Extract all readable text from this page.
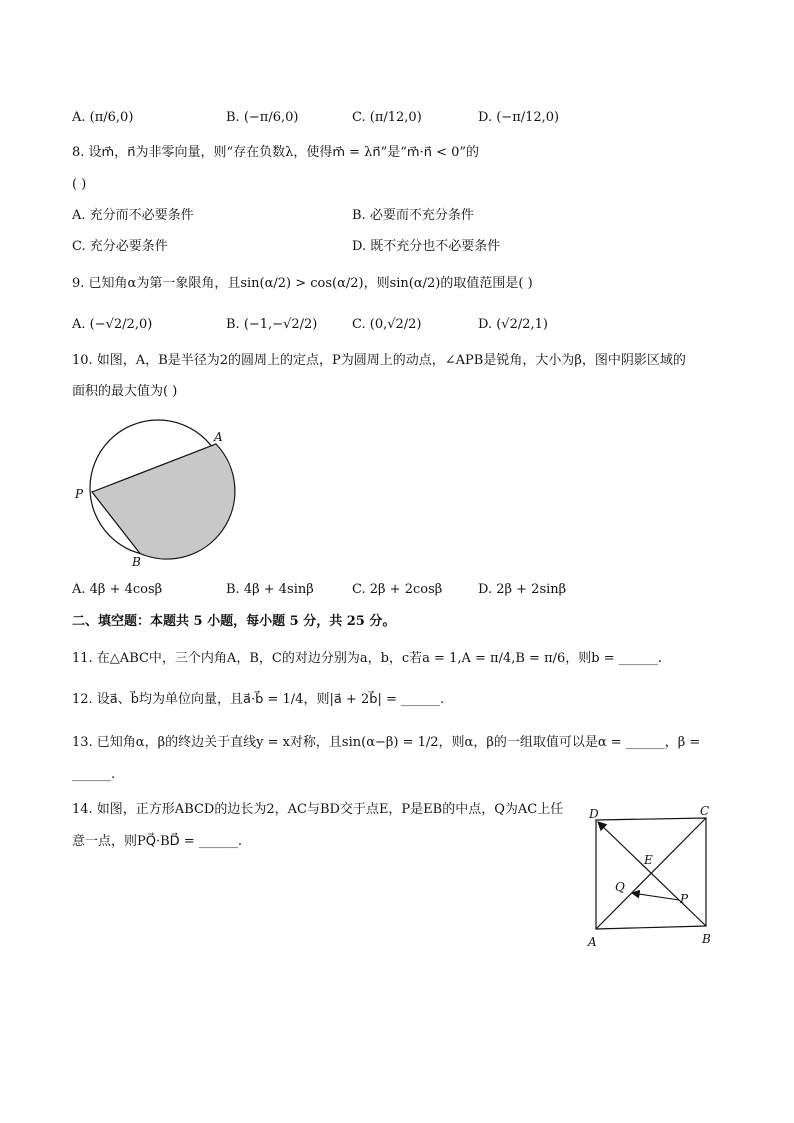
A. (π/6,0)	B. (−π/6,0)	C. (π/12,0)	D. (−π/12,0)
8. 设m⃗，n⃗为非零向量，则“存在负数λ，使得m⃗ = λn⃗”是“m⃗·n⃗ < 0”的
( )
A. 充分而不必要条件	B. 必要而不充分条件
C. 充分必要条件	D. 既不充分也不必要条件
9. 已知角α为第一象限角，且sin(α/2) > cos(α/2)，则sin(α/2)的取值范围是( )
A. (−√2/2,0)	B. (−1,−√2/2)	C. (0,√2/2)	D. (√2/2,1)
10. 如图，A，B是半径为2的圆周上的定点，P为圆周上的动点，∠APB是锐角，大小为β，图中阴影区域的
面积的最大值为( )
A
P
B
A. 4β + 4cosβ	B. 4β + 4sinβ	C. 2β + 2cosβ	D. 2β + 2sinβ
二、填空题：本题共 5 小题，每小题 5 分，共 25 分。
11. 在△ABC中，三个内角A，B，C的对边分别为a，b，c若a = 1,A = π/4,B = π/6，则b = ______.
12. 设a⃗、b⃗均为单位向量，且a⃗·b⃗ = 1/4，则|a⃗ + 2b⃗| = ______.
13. 已知角α，β的终边关于直线y = x对称，且sin(α−β) = 1/2，则α，β的一组取值可以是α = ______，β =
______.
14. 如图，正方形ABCD的边长为2，AC与BD交于点E，P是EB的中点，Q为AC上任
意一点，则PQ⃗·BD⃗ = ______.
D	C
E
Q
P
A	B
